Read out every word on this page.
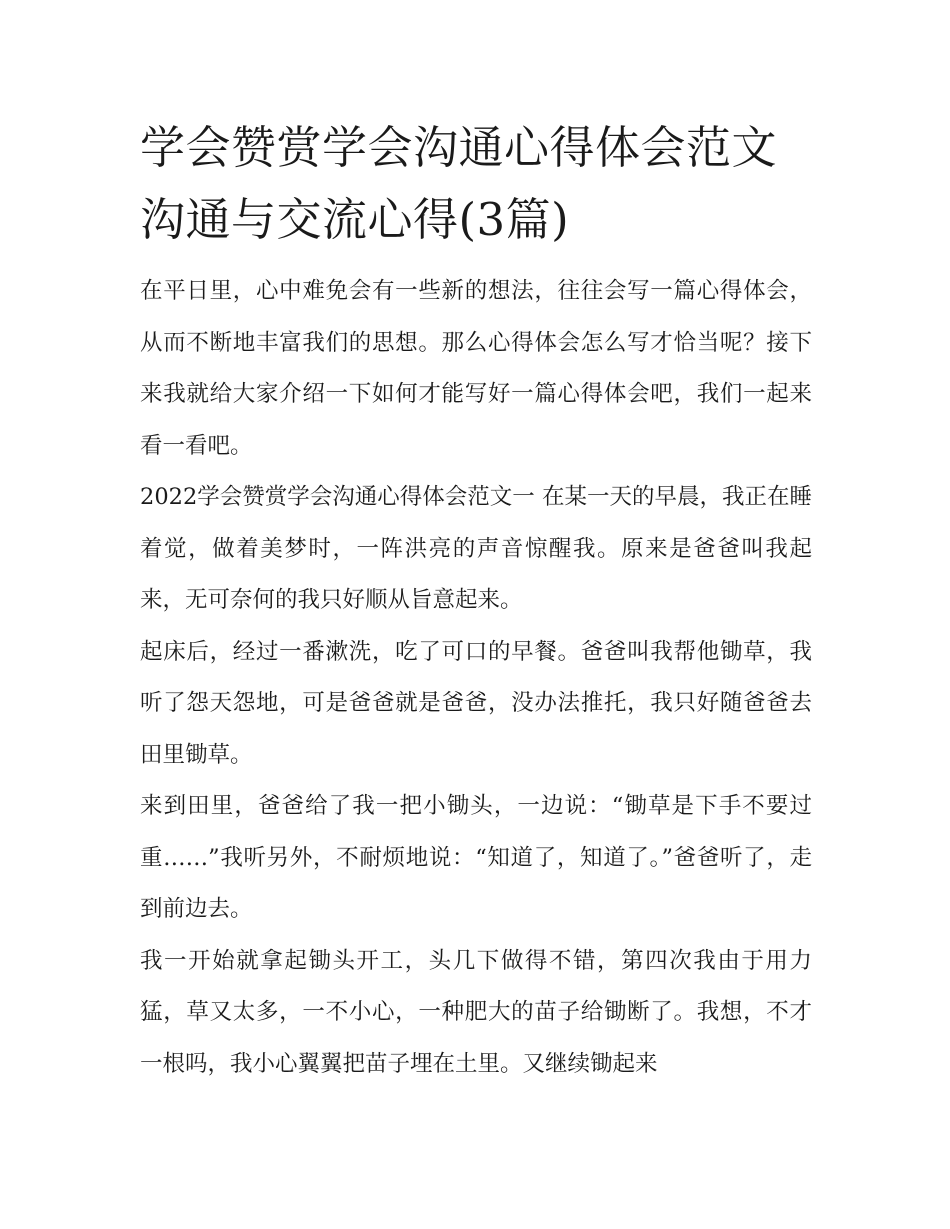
学会赞赏学会沟通心得体会范文 沟通与交流心得(3篇)

在平日里，心中难免会有一些新的想法，往往会写一篇心得体会，从而不断地丰富我们的思想。那么心得体会怎么写才恰当呢？接下来我就给大家介绍一下如何才能写好一篇心得体会吧，我们一起来看一看吧。

2022学会赞赏学会沟通心得体会范文一 在某一天的早晨，我正在睡着觉，做着美梦时，一阵洪亮的声音惊醒我。原来是爸爸叫我起来，无可奈何的我只好顺从旨意起来。

起床后，经过一番漱洗，吃了可口的早餐。爸爸叫我帮他锄草，我听了怨天怨地，可是爸爸就是爸爸，没办法推托，我只好随爸爸去田里锄草。

来到田里，爸爸给了我一把小锄头，一边说：“锄草是下手不要过重……”我听另外，不耐烦地说：“知道了，知道了。”爸爸听了，走到前边去。

我一开始就拿起锄头开工，头几下做得不错，第四次我由于用力猛，草又太多，一不小心，一种肥大的苗子给锄断了。我想，不才一根吗，我小心翼翼把苗子埋在土里。又继续锄起来
